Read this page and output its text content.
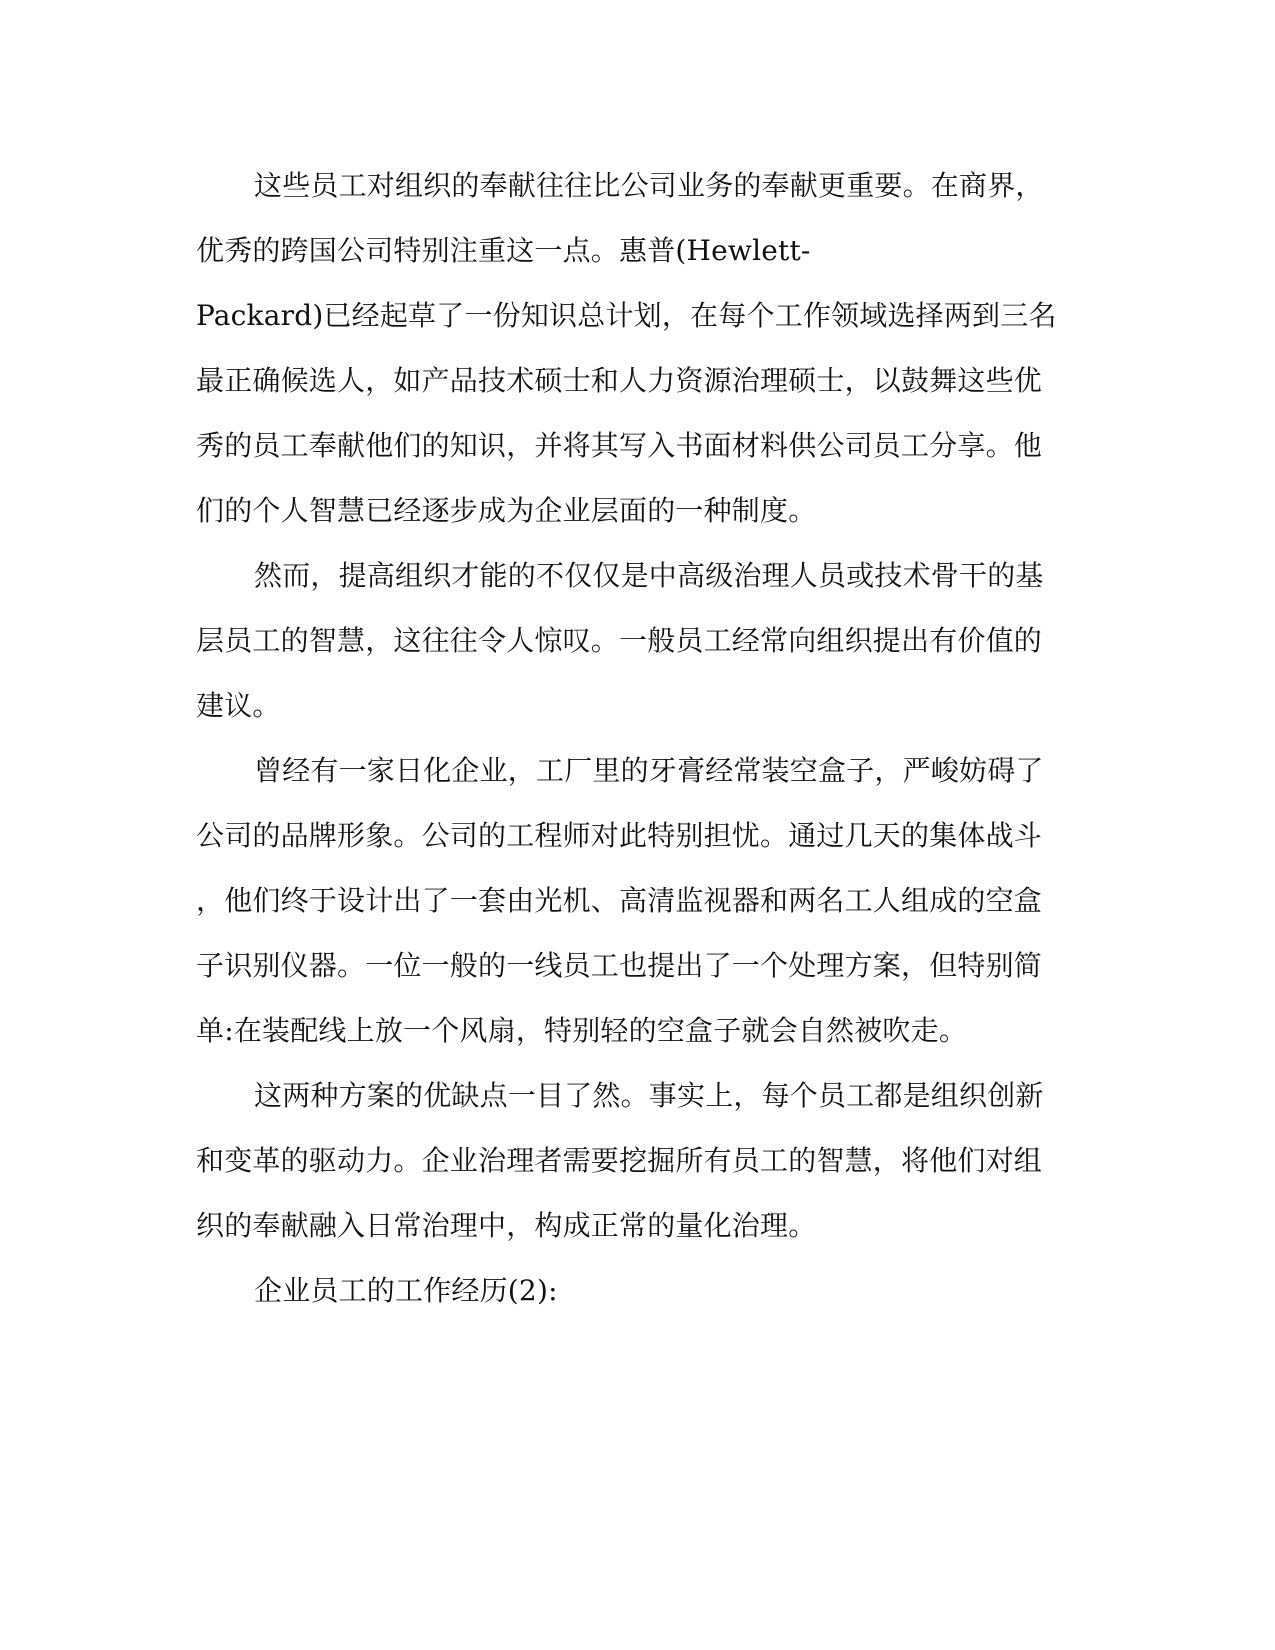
这些员工对组织的奉献往往比公司业务的奉献更重要。在商界，
优秀的跨国公司特别注重这一点。惠普(Hewlett-
Packard)已经起草了一份知识总计划，在每个工作领域选择两到三名
最正确候选人，如产品技术硕士和人力资源治理硕士，以鼓舞这些优
秀的员工奉献他们的知识，并将其写入书面材料供公司员工分享。他
们的个人智慧已经逐步成为企业层面的一种制度。
然而，提高组织才能的不仅仅是中高级治理人员或技术骨干的基
层员工的智慧，这往往令人惊叹。一般员工经常向组织提出有价值的
建议。
曾经有一家日化企业，工厂里的牙膏经常装空盒子，严峻妨碍了
公司的品牌形象。公司的工程师对此特别担忧。通过几天的集体战斗
，他们终于设计出了一套由光机、高清监视器和两名工人组成的空盒
子识别仪器。一位一般的一线员工也提出了一个处理方案，但特别简
单:在装配线上放一个风扇，特别轻的空盒子就会自然被吹走。
这两种方案的优缺点一目了然。事实上，每个员工都是组织创新
和变革的驱动力。企业治理者需要挖掘所有员工的智慧，将他们对组
织的奉献融入日常治理中，构成正常的量化治理。
企业员工的工作经历(2):
